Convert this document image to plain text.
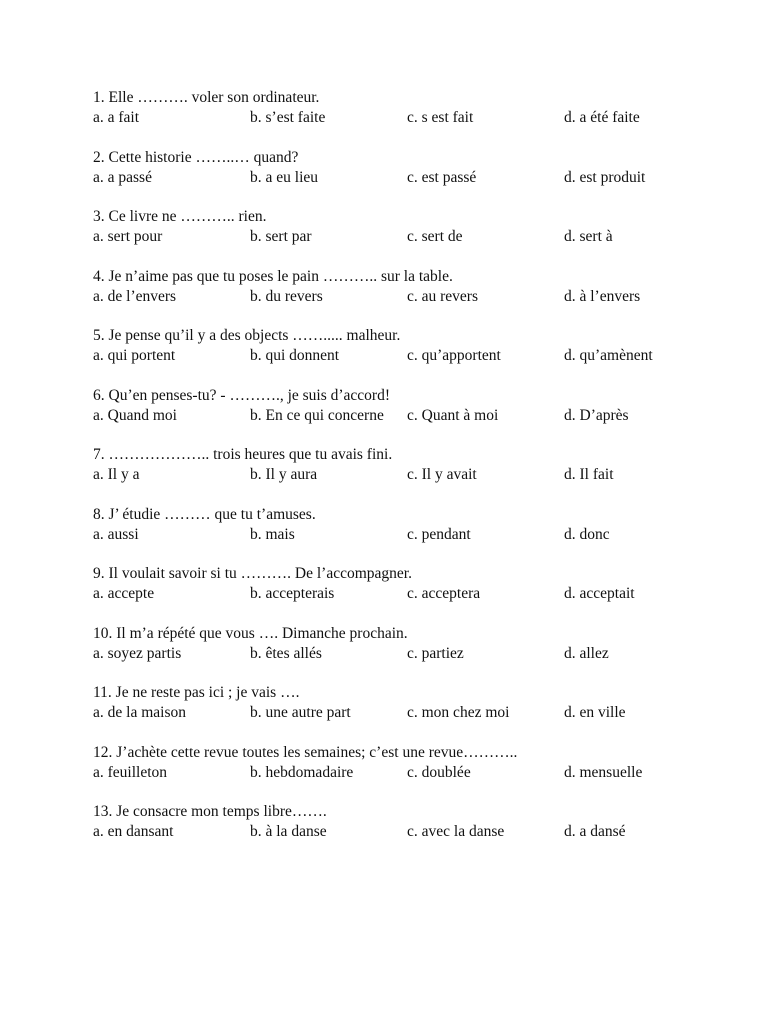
1. Elle ………. voler son ordinateur.
a. a fait	b. s’est faite	c. s est fait	d. a été faite
2. Cette historie ……..… quand?
a. a passé	b. a eu lieu	c. est passé	d. est produit
3. Ce livre ne ……….. rien.
a. sert pour	b. sert par	c. sert de	d. sert à
4. Je n’aime pas que tu poses le pain ……….. sur la table.
a. de l’envers	b. du revers	c. au revers	d. à l’envers
5. Je pense qu’il y a des objects ……..... malheur.
a. qui portent	b. qui donnent	c. qu’apportent	d. qu’amènent
6. Qu’en penses-tu? - ………., je suis d’accord!
a. Quand moi	b. En ce qui concerne	c. Quant à moi	d. D’après
7. ……………….. trois heures que tu avais fini.
a. Il y a	b. Il y aura	c. Il y avait	d. Il fait
8. J’ étudie ……… que tu t’amuses.
a. aussi	b. mais	c. pendant	d. donc
9. Il voulait savoir si tu ………. De l’accompagner.
a. accepte	b. accepterais	c. acceptera	d. acceptait
10. Il m’a répété que vous …. Dimanche prochain.
a. soyez partis	b. êtes allés	c. partiez	d. allez
11. Je ne reste pas ici ; je vais ….
a. de la maison	b. une autre part	c. mon chez moi	d. en ville
12. J’achète cette revue toutes les semaines; c’est une revue………..
a. feuilleton	b. hebdomadaire	c. doublée	d. mensuelle
13. Je consacre mon temps libre…….
a. en dansant	b. à la danse	c. avec la danse	d. a dansé
